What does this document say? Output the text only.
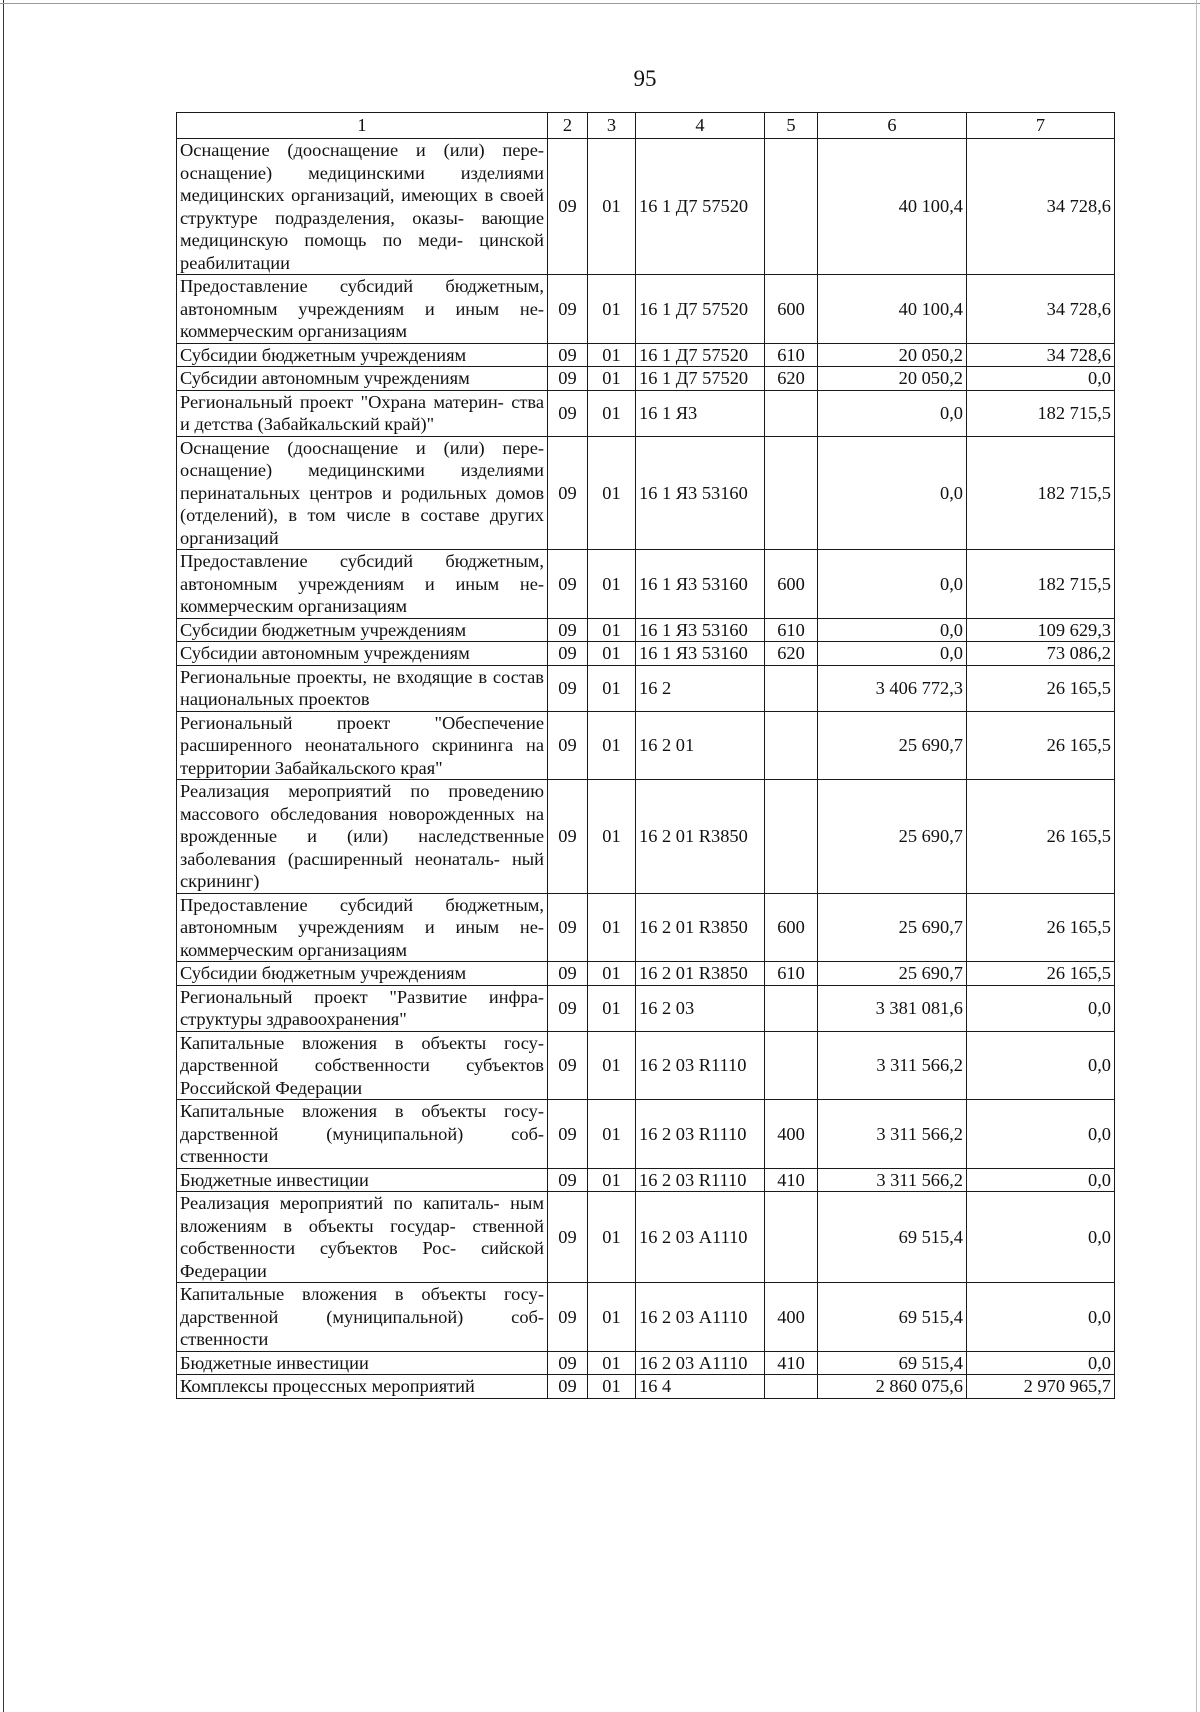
95
1	2	3	4	5	6	7
Оснащение (дооснащение и (или) пере- оснащение) медицинскими изделиями медицинских организаций, имеющих в своей структуре подразделения, оказы- вающие медицинскую помощь по меди- цинской реабилитации	09	01	16 1 Д7 57520		40 100,4	34 728,6
Предоставление субсидий бюджетным, автономным учреждениям и иным не- коммерческим организациям	09	01	16 1 Д7 57520	600	40 100,4	34 728,6
Субсидии бюджетным учреждениям	09	01	16 1 Д7 57520	610	20 050,2	34 728,6
Субсидии автономным учреждениям	09	01	16 1 Д7 57520	620	20 050,2	0,0
Региональный проект "Охрана материн- ства и детства (Забайкальский край)"	09	01	16 1 Я3		0,0	182 715,5
Оснащение (дооснащение и (или) пере- оснащение) медицинскими изделиями перинатальных центров и родильных домов (отделений), в том числе в составе других организаций	09	01	16 1 Я3 53160		0,0	182 715,5
Предоставление субсидий бюджетным, автономным учреждениям и иным не- коммерческим организациям	09	01	16 1 Я3 53160	600	0,0	182 715,5
Субсидии бюджетным учреждениям	09	01	16 1 Я3 53160	610	0,0	109 629,3
Субсидии автономным учреждениям	09	01	16 1 Я3 53160	620	0,0	73 086,2
Региональные проекты, не входящие в состав национальных проектов	09	01	16 2		3 406 772,3	26 165,5
Региональный проект "Обеспечение расширенного неонатального скрининга на территории Забайкальского края"	09	01	16 2 01		25 690,7	26 165,5
Реализация мероприятий по проведению массового обследования новорожденных на врожденные и (или) наследственные заболевания (расширенный неонаталь- ный скрининг)	09	01	16 2 01 R3850		25 690,7	26 165,5
Предоставление субсидий бюджетным, автономным учреждениям и иным не- коммерческим организациям	09	01	16 2 01 R3850	600	25 690,7	26 165,5
Субсидии бюджетным учреждениям	09	01	16 2 01 R3850	610	25 690,7	26 165,5
Региональный проект "Развитие инфра- структуры здравоохранения"	09	01	16 2 03		3 381 081,6	0,0
Капитальные вложения в объекты госу- дарственной собственности субъектов Российской Федерации	09	01	16 2 03 R1110		3 311 566,2	0,0
Капитальные вложения в объекты госу- дарственной (муниципальной) соб- ственности	09	01	16 2 03 R1110	400	3 311 566,2	0,0
Бюджетные инвестиции	09	01	16 2 03 R1110	410	3 311 566,2	0,0
Реализация мероприятий по капиталь- ным вложениям в объекты государ- ственной собственности субъектов Рос- сийской Федерации	09	01	16 2 03 А1110		69 515,4	0,0
Капитальные вложения в объекты госу- дарственной (муниципальной) соб- ственности	09	01	16 2 03 А1110	400	69 515,4	0,0
Бюджетные инвестиции	09	01	16 2 03 А1110	410	69 515,4	0,0
Комплексы процессных мероприятий	09	01	16 4		2 860 075,6	2 970 965,7
